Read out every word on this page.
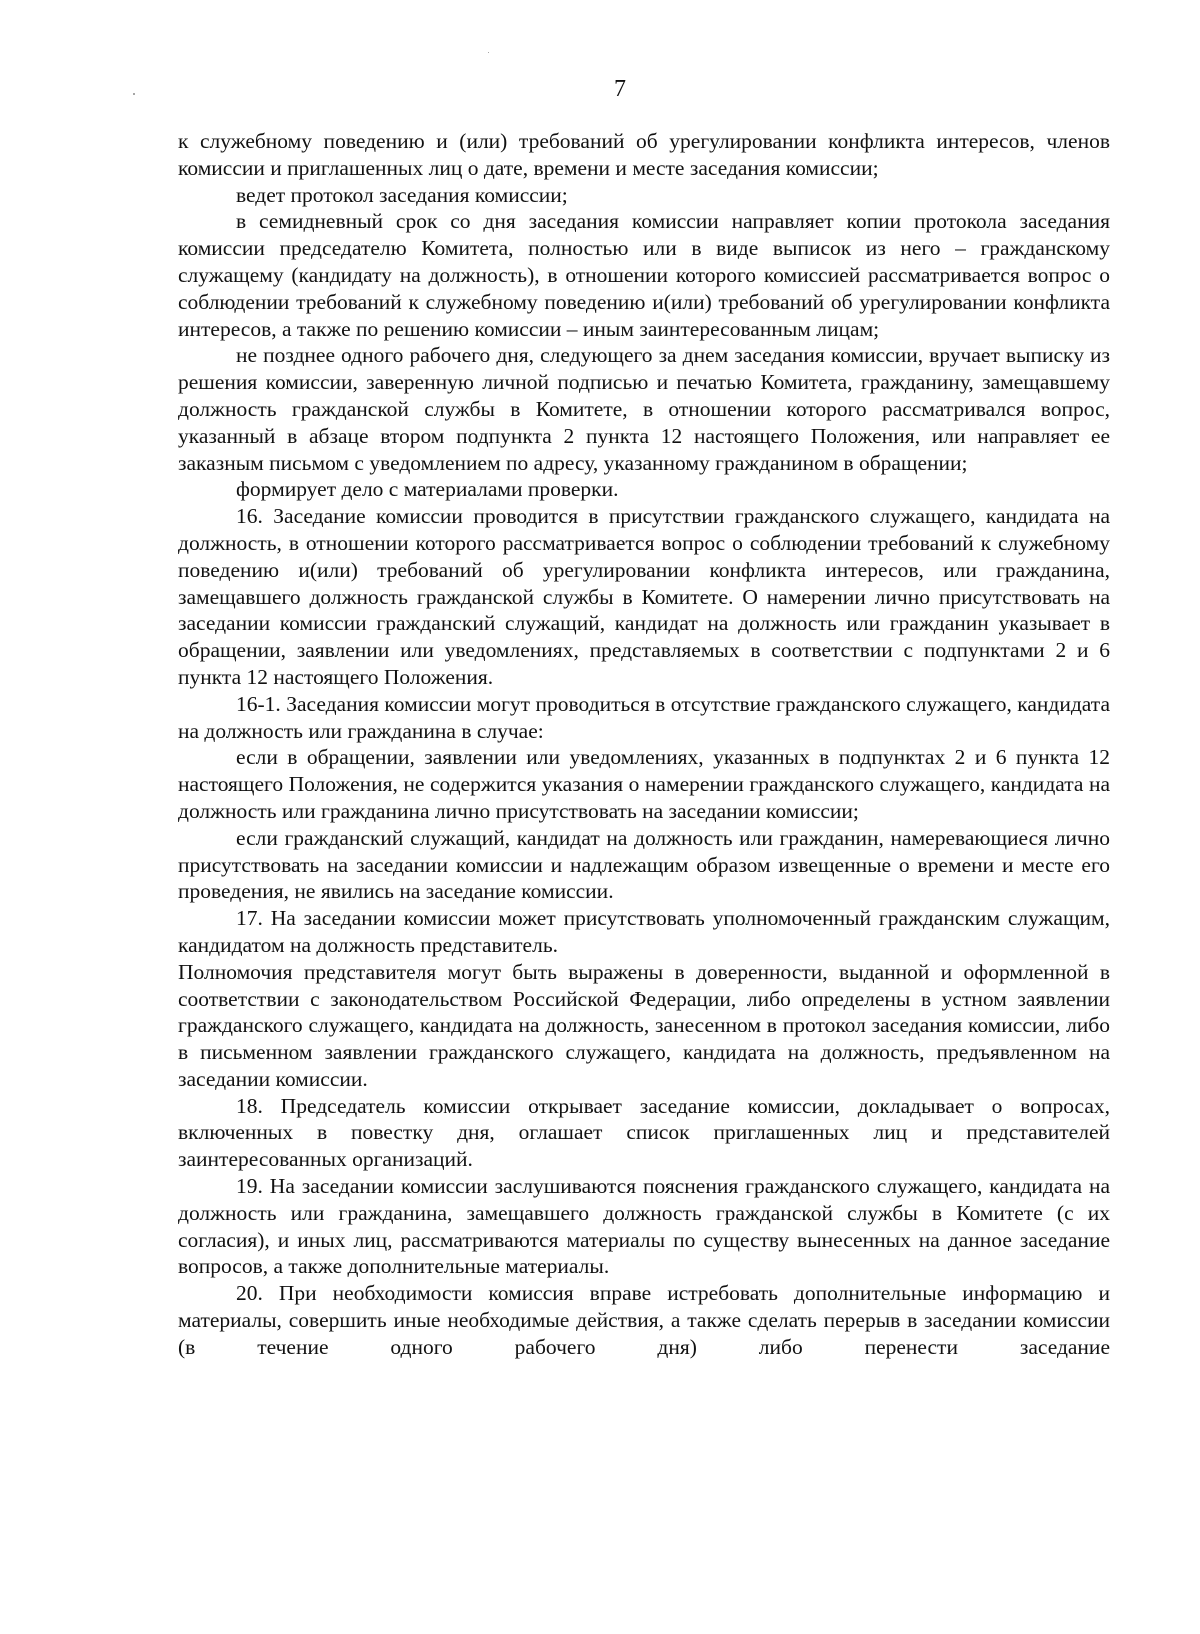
7

к служебному поведению и (или) требований об урегулировании конфликта интересов, членов комиссии и приглашенных лиц о дате, времени и месте заседания комиссии;

ведет протокол заседания комиссии;

в семидневный срок со дня заседания комиссии направляет копии протокола заседания комиссии председателю Комитета, полностью или в виде выписок из него – гражданскому служащему (кандидату на должность), в отношении которого комиссией рассматривается вопрос о соблюдении требований к служебному поведению и(или) требований об урегулировании конфликта интересов, а также по решению комиссии – иным заинтересованным лицам;

не позднее одного рабочего дня, следующего за днем заседания комиссии, вручает выписку из решения комиссии, заверенную личной подписью и печатью Комитета, гражданину, замещавшему должность гражданской службы в Комитете, в отношении которого рассматривался вопрос, указанный в абзаце втором подпункта 2 пункта 12 настоящего Положения, или направляет ее заказным письмом с уведомлением по адресу, указанному гражданином в обращении;

формирует дело с материалами проверки.

16. Заседание комиссии проводится в присутствии гражданского служащего, кандидата на должность, в отношении которого рассматривается вопрос о соблюдении требований к служебному поведению и(или) требований об урегулировании конфликта интересов, или гражданина, замещавшего должность гражданской службы в Комитете. О намерении лично присутствовать на заседании комиссии гражданский служащий, кандидат на должность или гражданин указывает в обращении, заявлении или уведомлениях, представляемых в соответствии с подпунктами 2 и 6 пункта 12 настоящего Положения.

16-1. Заседания комиссии могут проводиться в отсутствие гражданского служащего, кандидата на должность или гражданина в случае:

если в обращении, заявлении или уведомлениях, указанных в подпунктах 2 и 6 пункта 12 настоящего Положения, не содержится указания о намерении гражданского служащего, кандидата на должность или гражданина лично присутствовать на заседании комиссии;

если гражданский служащий, кандидат на должность или гражданин, намеревающиеся лично присутствовать на заседании комиссии и надлежащим образом извещенные о времени и месте его проведения, не явились на заседание комиссии.

17. На заседании комиссии может присутствовать уполномоченный гражданским служащим, кандидатом на должность представитель.

Полномочия представителя могут быть выражены в доверенности, выданной и оформленной в соответствии с законодательством Российской Федерации, либо определены в устном заявлении гражданского служащего, кандидата на должность, занесенном в протокол заседания комиссии, либо в письменном заявлении гражданского служащего, кандидата на должность, предъявленном на заседании комиссии.

18. Председатель комиссии открывает заседание комиссии, докладывает о вопросах, включенных в повестку дня, оглашает список приглашенных лиц и представителей заинтересованных организаций.

19. На заседании комиссии заслушиваются пояснения гражданского служащего, кандидата на должность или гражданина, замещавшего должность гражданской службы в Комитете (с их согласия), и иных лиц, рассматриваются материалы по существу вынесенных на данное заседание вопросов, а также дополнительные материалы.

20. При необходимости комиссия вправе истребовать дополнительные информацию и материалы, совершить иные необходимые действия, а также сделать перерыв в заседании комиссии (в течение одного рабочего дня) либо перенести заседание
